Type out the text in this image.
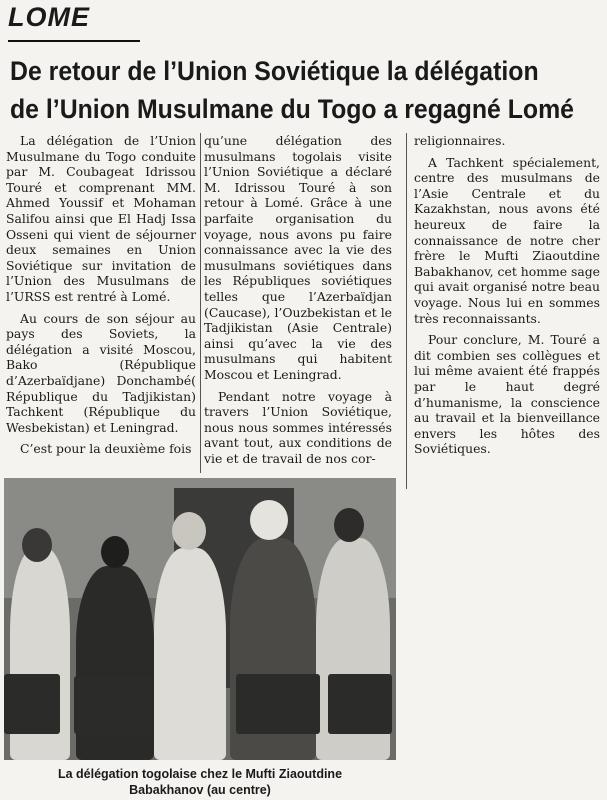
LOME
De retour de l’Union Soviétique la délégation
de l’Union Musulmane du Togo a regagné Lomé

La délégation de l’Union Musulmane du Togo conduite par M. Coubageat Idrissou Touré et comprenant MM. Ahmed Youssif et Mohaman Salifou ainsi que El Hadj Issa Osseni qui vient de séjourner deux semaines en Union Soviétique sur invitation de l’Union des Musulmans de l’URSS est rentré à Lomé.

Au cours de son séjour au pays des Soviets, la délégation a visité Moscou, Bako (République d’Azerbaïdjane) Donchambé( République du Tadjikistan) Tachkent (République du Wesbekistan) et Leningrad.

C’est pour la deuxième fois

qu’une délégation des musulmans togolais visite l’Union Soviétique a déclaré M. Idrissou Touré à son retour à Lomé. Grâce à une parfaite organisation du voyage, nous avons pu faire connaissance avec la vie des musulmans soviétiques dans les Républiques soviétiques telles que l’Azerbaïdjan (Caucase), l’Ouzbekistan et le Tadjikistan (Asie Centrale) ainsi qu’avec la vie des musulmans qui habitent Moscou et Leningrad.

Pendant notre voyage à travers l’Union Soviétique, nous nous sommes intéressés avant tout, aux conditions de vie et de travail de nos cor-

religionnaires.

A Tachkent spécialement, centre des musulmans de l’Asie Centrale et du Kazakhstan, nous avons été heureux de faire la connaissance de notre cher frère le Mufti Ziaoutdine Babakhanov, cet homme sage qui avait organisé notre beau voyage. Nous lui en sommes très reconnaissants.

Pour conclure, M. Touré a dit combien ses collègues et lui même avaient été frappés par le haut degré d’humanisme, la conscience au travail et la bienveillance envers les hôtes des Soviétiques.

La délégation togolaise chez le Mufti Ziaoutdine
Babakhanov (au centre)
